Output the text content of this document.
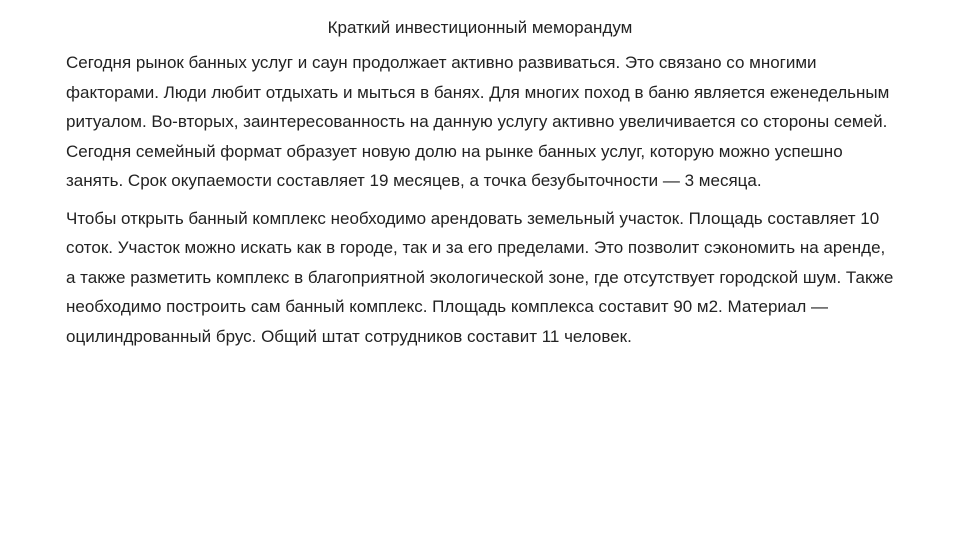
Краткий инвестиционный меморандум

Сегодня рынок банных услуг и саун продолжает активно развиваться. Это связано со многими факторами. Люди любит отдыхать и мыться в банях. Для многих поход в баню является еженедельным ритуалом. Во-вторых, заинтересованность на данную услугу активно увеличивается со стороны семей. Сегодня семейный формат образует новую долю на рынке банных услуг, которую можно успешно занять. Срок окупаемости составляет 19 месяцев, а точка безубыточности — 3 месяца.

Чтобы открыть банный комплекс необходимо арендовать земельный участок. Площадь составляет 10 соток. Участок можно искать как в городе, так и за его пределами. Это позволит сэкономить на аренде, а также разметить комплекс в благоприятной экологической зоне, где отсутствует городской шум. Также необходимо построить сам банный комплекс. Площадь комплекса составит 90 м2. Материал — оцилиндрованный брус. Общий штат сотрудников составит 11 человек.
